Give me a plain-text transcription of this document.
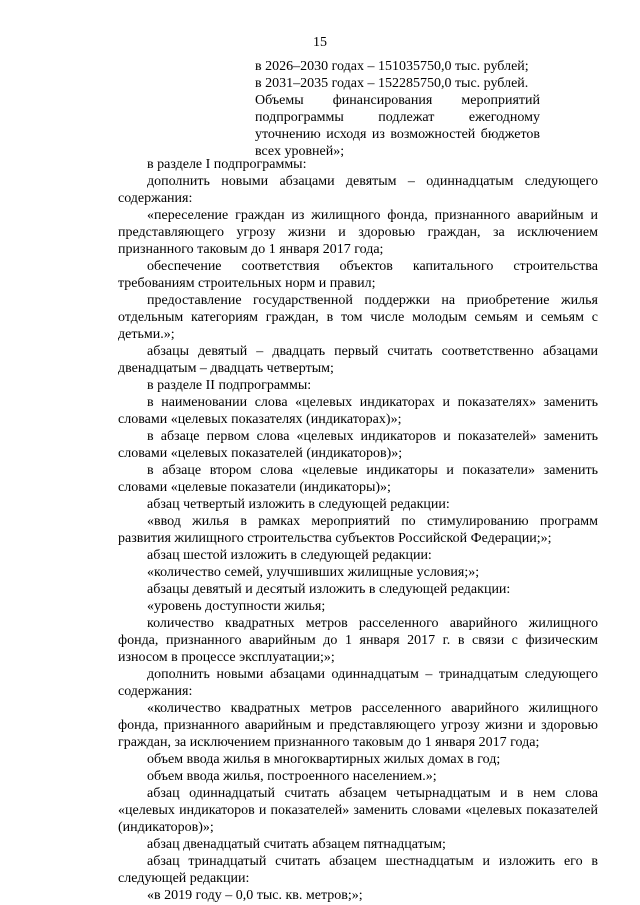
15

в 2026–2030 годах – 151035750,0 тыс. рублей;

в 2031–2035 годах – 152285750,0 тыс. рублей.

Объемы финансирования мероприятий подпрограммы подлежат ежегодному уточнению исходя из возможностей бюджетов всех уровней»;

в разделе I подпрограммы:

дополнить новыми абзацами девятым – одиннадцатым следующего содержания:

«переселение граждан из жилищного фонда, признанного аварийным и представляющего угрозу жизни и здоровью граждан, за исключением признанного таковым до 1 января 2017 года;

обеспечение соответствия объектов капитального строительства требованиям строительных норм и правил;

предоставление государственной поддержки на приобретение жилья отдельным категориям граждан, в том числе молодым семьям и семьям с детьми.»;

абзацы девятый – двадцать первый считать соответственно абзацами двенадцатым – двадцать четвертым;

в разделе II подпрограммы:

в наименовании слова «целевых индикаторах и показателях» заменить словами «целевых показателях (индикаторах)»;

в абзаце первом слова «целевых индикаторов и показателей» заменить словами «целевых показателей (индикаторов)»;

в абзаце втором слова «целевые индикаторы и показатели» заменить словами «целевые показатели (индикаторы)»;

абзац четвертый изложить в следующей редакции:

«ввод жилья в рамках мероприятий по стимулированию программ развития жилищного строительства субъектов Российской Федерации;»;

абзац шестой изложить в следующей редакции:

«количество семей, улучшивших жилищные условия;»;

абзацы девятый и десятый изложить в следующей редакции:

«уровень доступности жилья;

количество квадратных метров расселенного аварийного жилищного фонда, признанного аварийным до 1 января 2017 г. в связи с физическим износом в процессе эксплуатации;»;

дополнить новыми абзацами одиннадцатым – тринадцатым следующего содержания:

«количество квадратных метров расселенного аварийного жилищного фонда, признанного аварийным и представляющего угрозу жизни и здоровью граждан, за исключением признанного таковым до 1 января 2017 года;

объем ввода жилья в многоквартирных жилых домах в год;

объем ввода жилья, построенного населением.»;

абзац одиннадцатый считать абзацем четырнадцатым и в нем слова «целевых индикаторов и показателей» заменить словами «целевых показателей (индикаторов)»;

абзац двенадцатый считать абзацем пятнадцатым;

абзац тринадцатый считать абзацем шестнадцатым и изложить его в следующей редакции:

«в 2019 году – 0,0 тыс. кв. метров;»;
